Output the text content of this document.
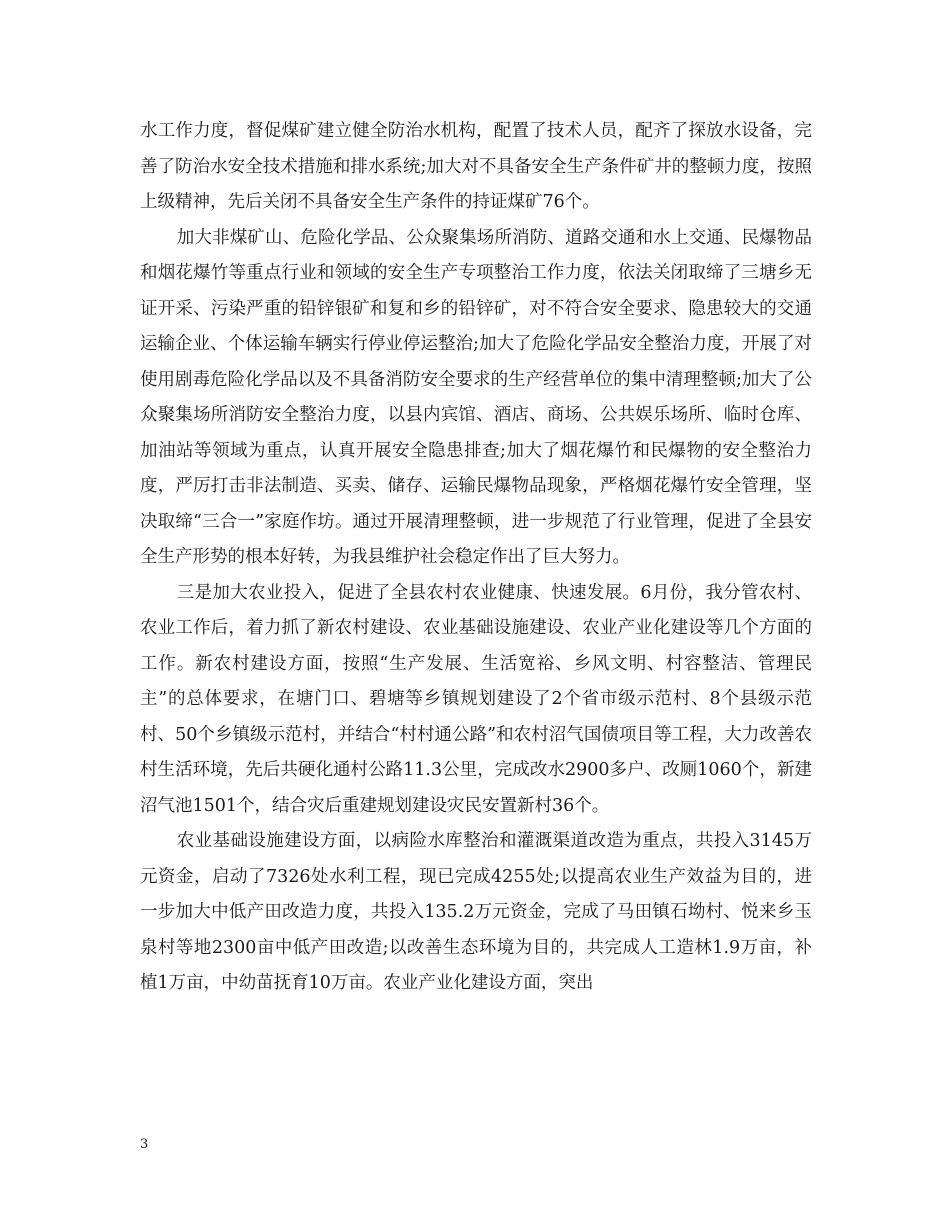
水工作力度，督促煤矿建立健全防治水机构，配置了技术人员，配齐了探放水设备，完善了防治水安全技术措施和排水系统;加大对不具备安全生产条件矿井的整顿力度，按照上级精神，先后关闭不具备安全生产条件的持证煤矿76个。

加大非煤矿山、危险化学品、公众聚集场所消防、道路交通和水上交通、民爆物品和烟花爆竹等重点行业和领域的安全生产专项整治工作力度，依法关闭取缔了三塘乡无证开采、污染严重的铅锌银矿和复和乡的铅锌矿，对不符合安全要求、隐患较大的交通运输企业、个体运输车辆实行停业停运整治;加大了危险化学品安全整治力度，开展了对使用剧毒危险化学品以及不具备消防安全要求的生产经营单位的集中清理整顿;加大了公众聚集场所消防安全整治力度，以县内宾馆、酒店、商场、公共娱乐场所、临时仓库、加油站等领域为重点，认真开展安全隐患排查;加大了烟花爆竹和民爆物的安全整治力度，严厉打击非法制造、买卖、储存、运输民爆物品现象，严格烟花爆竹安全管理，坚决取缔“三合一”家庭作坊。通过开展清理整顿，进一步规范了行业管理，促进了全县安全生产形势的根本好转，为我县维护社会稳定作出了巨大努力。

三是加大农业投入，促进了全县农村农业健康、快速发展。6月份，我分管农村、农业工作后，着力抓了新农村建设、农业基础设施建设、农业产业化建设等几个方面的工作。新农村建设方面，按照“生产发展、生活宽裕、乡风文明、村容整洁、管理民主”的总体要求，在塘门口、碧塘等乡镇规划建设了2个省市级示范村、8个县级示范村、50个乡镇级示范村，并结合“村村通公路”和农村沼气国债项目等工程，大力改善农村生活环境，先后共硬化通村公路11.3公里，完成改水2900多户、改厕1060个，新建沼气池1501个，结合灾后重建规划建设灾民安置新村36个。

农业基础设施建设方面，以病险水库整治和灌溉渠道改造为重点，共投入3145万元资金，启动了7326处水利工程，现已完成4255处;以提高农业生产效益为目的，进一步加大中低产田改造力度，共投入135.2万元资金，完成了马田镇石坳村、悦来乡玉泉村等地2300亩中低产田改造;以改善生态环境为目的，共完成人工造林1.9万亩，补植1万亩，中幼苗抚育10万亩。农业产业化建设方面，突出

3
